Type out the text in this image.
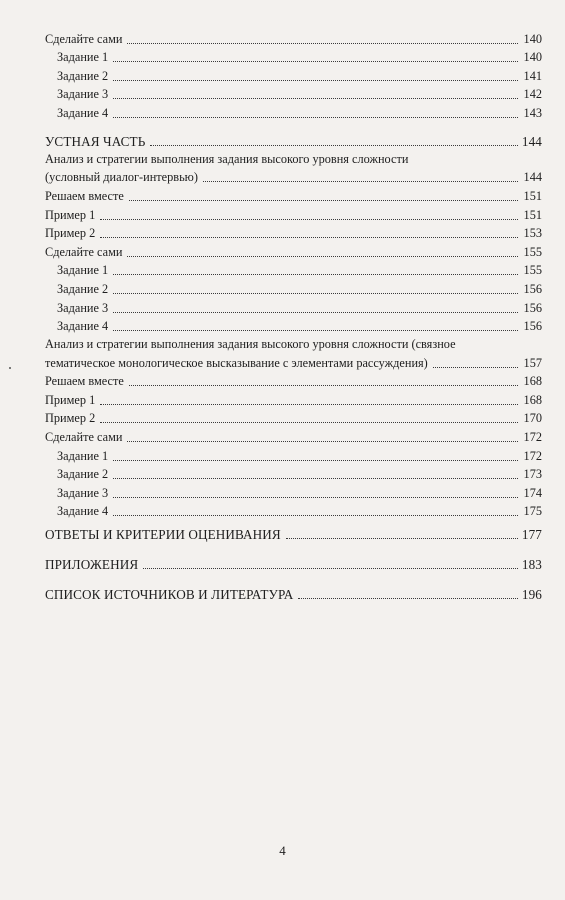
Сделайте сами	140
Задание 1	140
Задание 2	141
Задание 3	142
Задание 4	143
УСТНАЯ ЧАСТЬ	144
Анализ и стратегии выполнения задания высокого уровня сложности
(условный диалог-интервью)	144
Решаем вместе	151
Пример 1	151
Пример 2	153
Сделайте сами	155
Задание 1	155
Задание 2	156
Задание 3	156
Задание 4	156
Анализ и стратегии выполнения задания высокого уровня сложности (связное
тематическое монологическое высказывание с элементами рассуждения)	157
Решаем вместе	168
Пример 1	168
Пример 2	170
Сделайте сами	172
Задание 1	172
Задание 2	173
Задание 3	174
Задание 4	175
ОТВЕТЫ И КРИТЕРИИ ОЦЕНИВАНИЯ	177
ПРИЛОЖЕНИЯ	183
СПИСОК ИСТОЧНИКОВ И ЛИТЕРАТУРА	196
4
